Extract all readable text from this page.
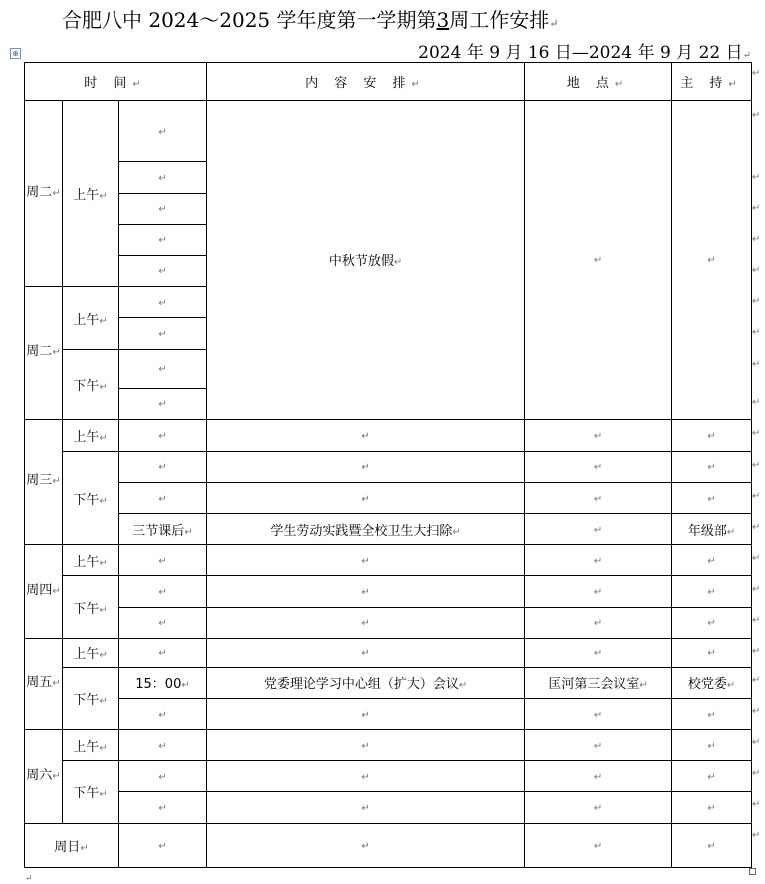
合肥八中 2024～2025 学年度第一学期第3周工作安排↵
⊕	2024 年 9 月 16 日—2024 年 9 月 22 日↵
时 间↵			内 容 安 排↵	地 点↵	主 持↵
周二↵	上午↵	↵	中秋节放假↵	↵	↵
		↵			
		↵			
		↵			
		↵			
周二↵	上午↵	↵			
		↵			
	下午↵	↵			
		↵			
周三↵	上午↵	↵	↵	↵	↵
	下午↵	↵	↵	↵	↵
		↵	↵	↵	↵
		三节课后↵	学生劳动实践暨全校卫生大扫除↵	↵	年级部↵
周四↵	上午↵	↵	↵	↵	↵
	下午↵	↵	↵	↵	↵
		↵	↵	↵	↵
周五↵	上午↵	↵	↵	↵	↵
	下午↵	15：00↵	党委理论学习中心组（扩大）会议↵	匡河第三会议室↵	校党委↵
		↵	↵	↵	↵
周六↵	上午↵	↵	↵	↵	↵
	下午↵	↵	↵	↵	↵
		↵	↵	↵	↵
周日↵		↵	↵	↵	↵
↵
↵
↵
↵
↵
↵
↵
↵
↵
↵
↵
↵
↵
↵
↵
↵
↵
↵
↵
↵
↵
↵
↵
↵
↵
